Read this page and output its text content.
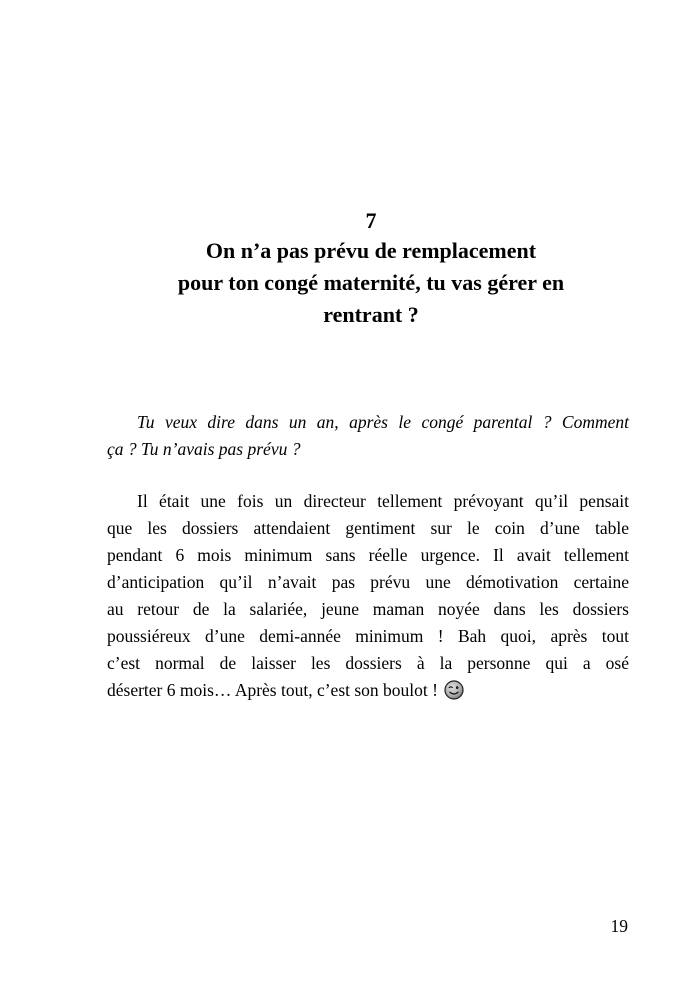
7
On n’a pas prévu de remplacement
pour ton congé maternité, tu vas gérer en
rentrant ?

Tu veux dire dans un an, après le congé parental ? Comment
ça ? Tu n’avais pas prévu ?

Il était une fois un directeur tellement prévoyant qu’il pensait
que les dossiers attendaient gentiment sur le coin d’une table
pendant 6 mois minimum sans réelle urgence. Il avait tellement
d’anticipation qu’il n’avait pas prévu une démotivation certaine
au retour de la salariée, jeune maman noyée dans les dossiers
poussiéreux d’une demi-année minimum ! Bah quoi, après tout
c’est normal de laisser les dossiers à la personne qui a osé
déserter 6 mois… Après tout, c’est son boulot !

19
